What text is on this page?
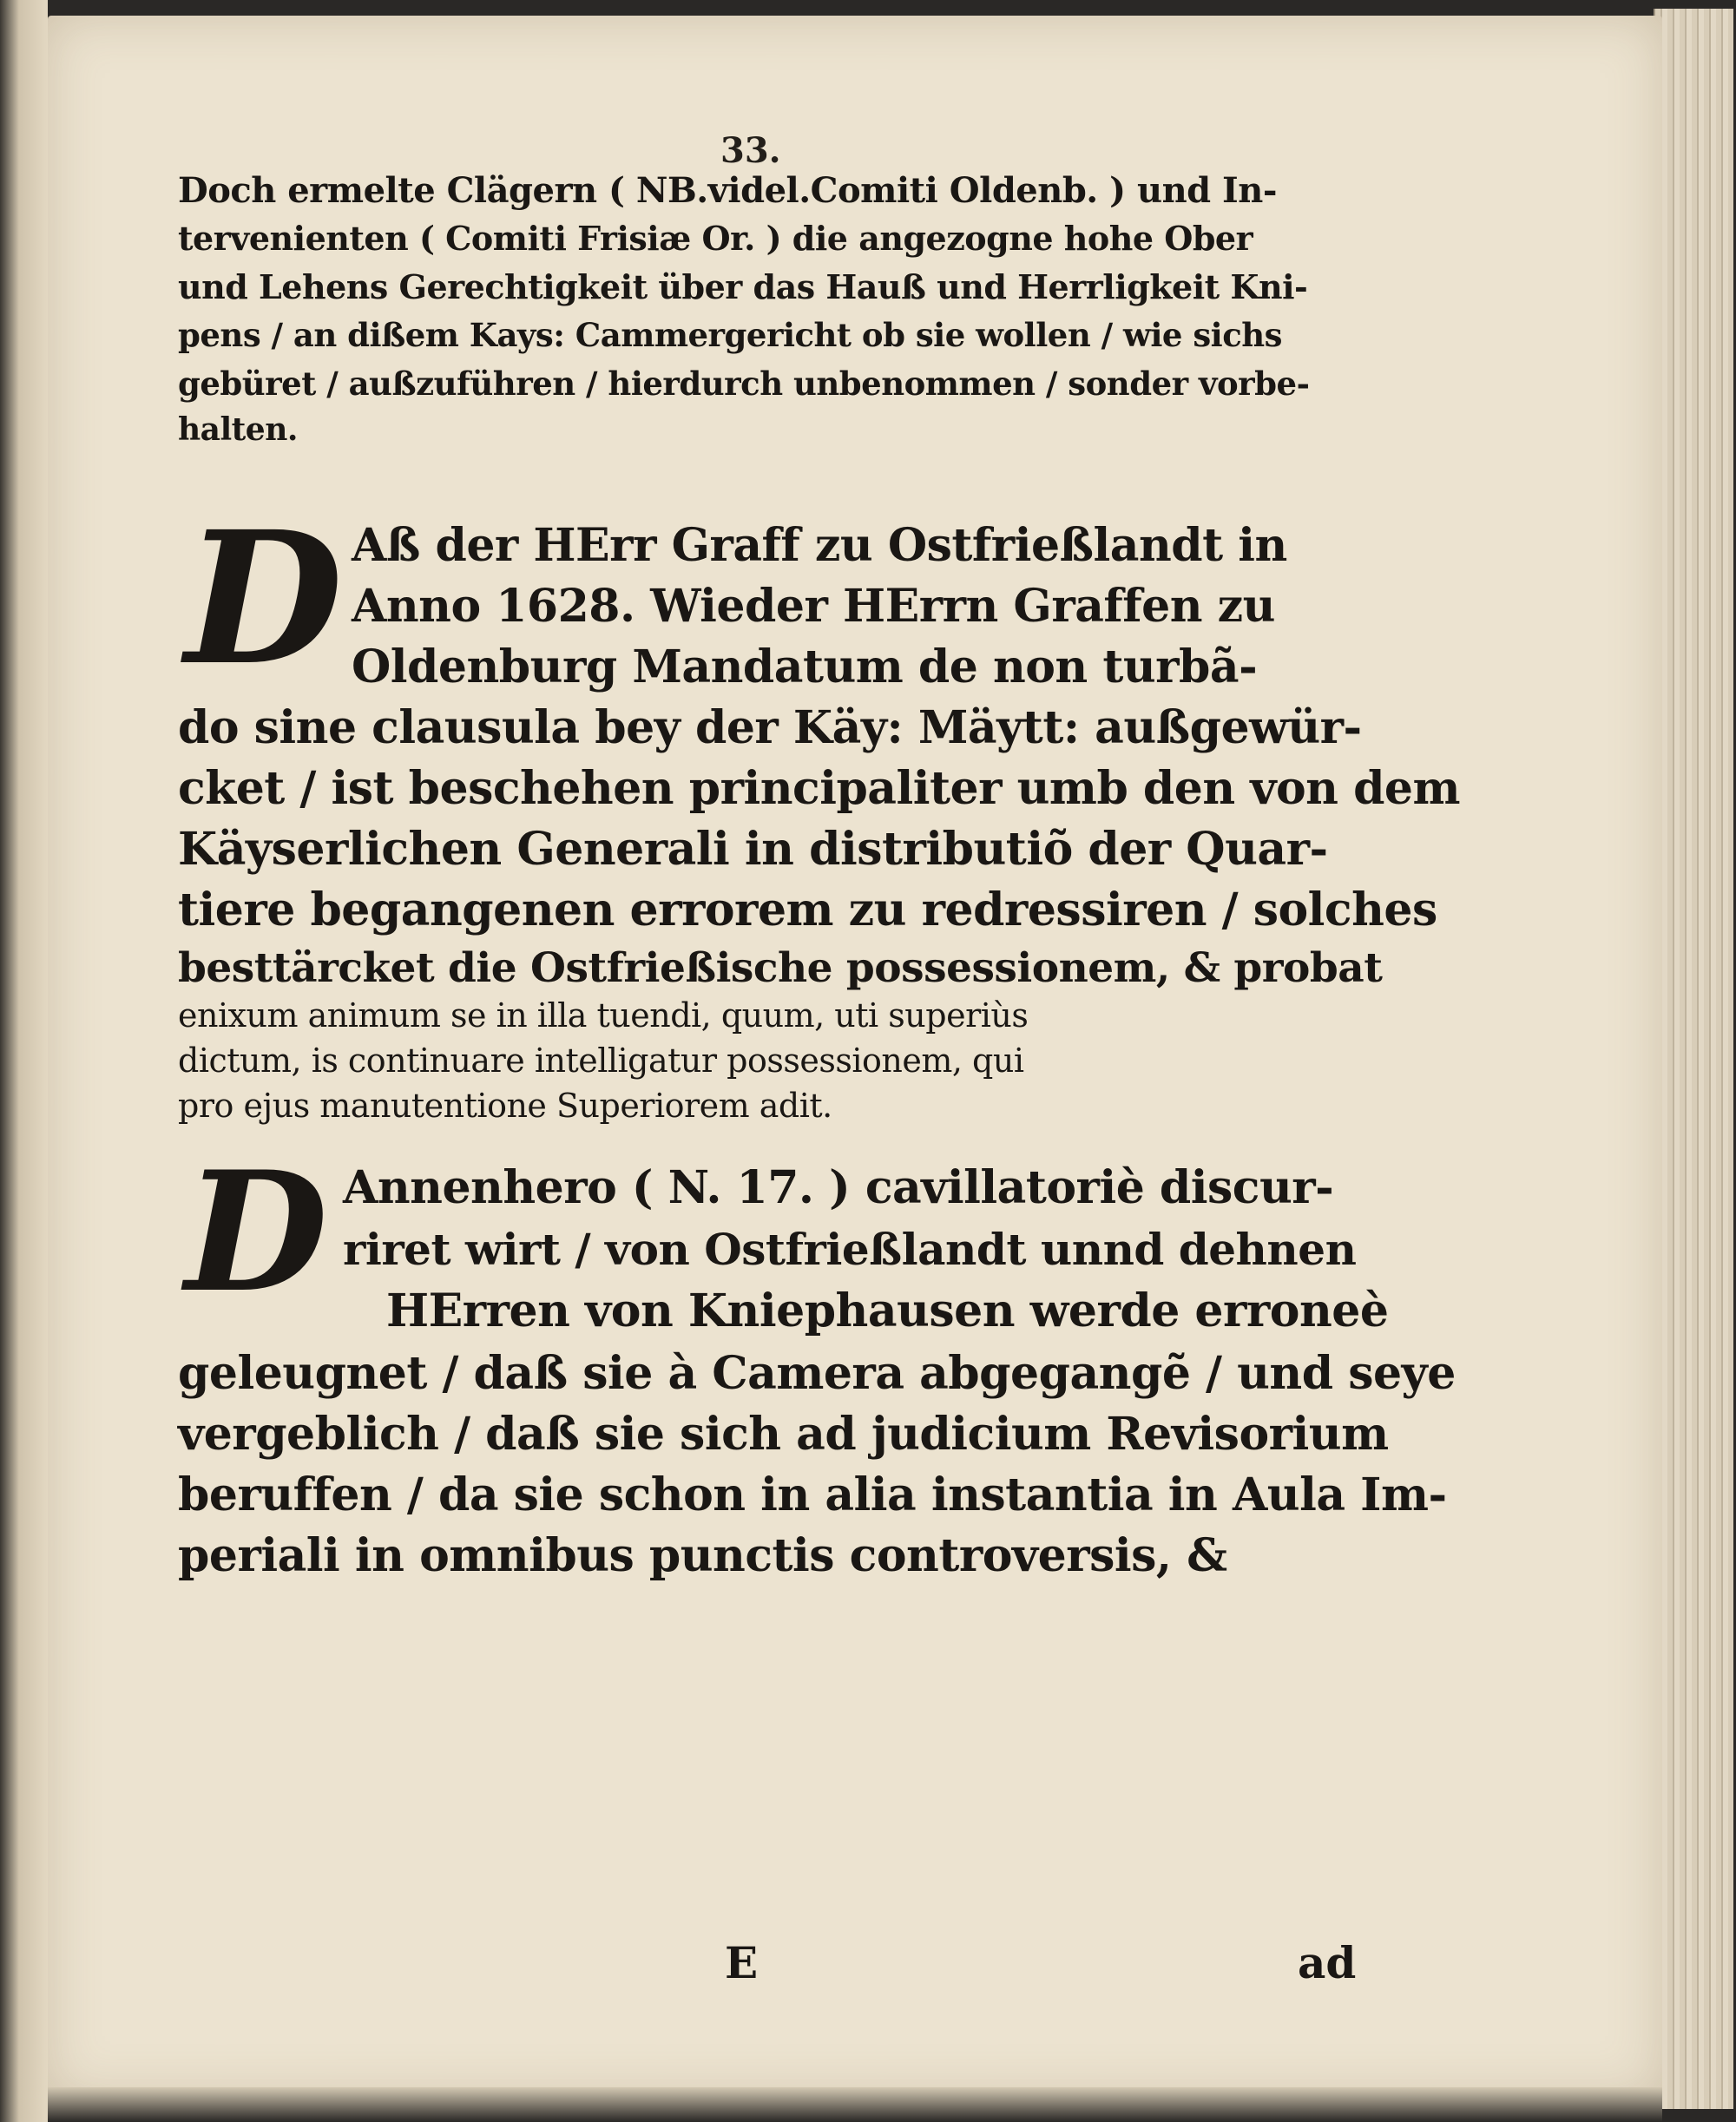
33.
Doch ermelte Clägern ( NB.videl.Comiti Oldenb. ) und In-
tervenienten ( Comiti Frisiæ Or. ) die angezogne hohe Ober
und Lehens Gerechtigkeit über das Hauß und Herrligkeit Kni-
pens / an dißem Kays: Cammergericht ob sie wollen / wie sichs
gebüret / außzuführen / hierdurch unbenommen / sonder vorbe-
halten.
D Aß der HErr Graff zu Ostfrießlandt in
Anno 1628. Wieder HErrn Graffen zu
Oldenburg Mandatum de non turbã-
do sine clausula bey der Käy: Mäytt: außgewür-
cket / ist beschehen principaliter umb den von dem
Käyserlichen Generali in distributiõ der Quar-
tiere begangenen errorem zu redressiren / solches
besttärcket die Ostfrießische possessionem, & probat
enixum animum se in illa tuendi, quum, uti superiùs
dictum, is continuare intelligatur possessionem, qui
pro ejus manutentione Superiorem adit.
D Annenhero ( N. 17. ) cavillatoriè discur-
riret wirt / von Ostfrießlandt unnd dehnen
HErren von Kniephausen werde erroneè
geleugnet / daß sie à Camera abgegangẽ / und seye
vergeblich / daß sie sich ad judicium Revisorium
beruffen / da sie schon in alia instantia in Aula Im-
periali in omnibus punctis controversis, &
E	ad
